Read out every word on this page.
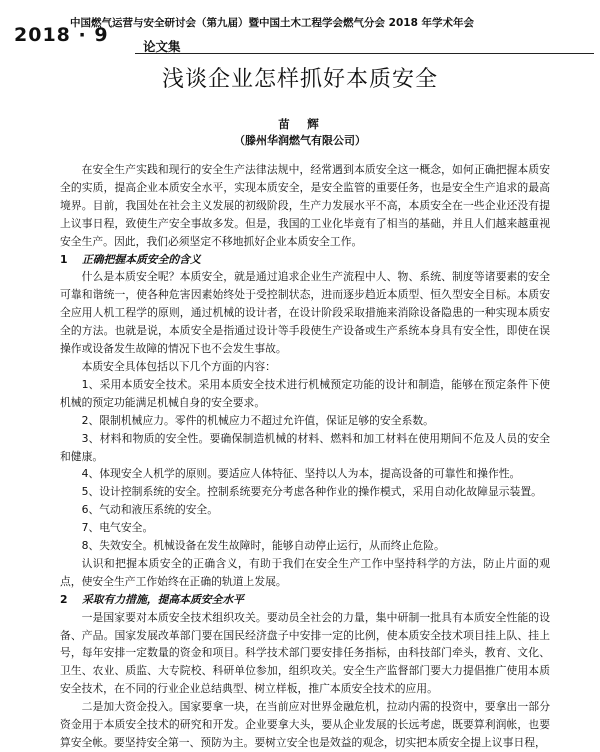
2018 · 9
中国燃气运营与安全研讨会（第九届）暨中国土木工程学会燃气分会 2018 年学术年会
论文集
浅谈企业怎样抓好本质安全
苗　辉
（滕州华润燃气有限公司）

在安全生产实践和现行的安全生产法律法规中，经常遇到本质安全这一概念，如何正确把握本质安全的实质，提高企业本质安全水平，实现本质安全，是安全监管的重要任务，也是安全生产追求的最高境界。目前，我国处在社会主义发展的初级阶段，生产力发展水平不高，本质安全在一些企业还没有提上议事日程，致使生产安全事故多发。但是，我国的工业化毕竟有了相当的基础，并且人们越来越重视安全生产。因此，我们必须坚定不移地抓好企业本质安全工作。

1 正确把握本质安全的含义

什么是本质安全呢？本质安全，就是通过追求企业生产流程中人、物、系统、制度等诸要素的安全可靠和谐统一，使各种危害因素始终处于受控制状态，进而逐步趋近本质型、恒久型安全目标。本质安全应用人机工程学的原则，通过机械的设计者，在设计阶段采取措施来消除设备隐患的一种实现本质安全的方法。也就是说，本质安全是指通过设计等手段使生产设备或生产系统本身具有安全性，即使在误操作或设备发生故障的情况下也不会发生事故。

本质安全具体包括以下几个方面的内容：

1、采用本质安全技术。采用本质安全技术进行机械预定功能的设计和制造，能够在预定条件下使机械的预定功能满足机械自身的安全要求。

2、限制机械应力。零件的机械应力不超过允许值，保证足够的安全系数。

3、材料和物质的安全性。要确保制造机械的材料、燃料和加工材料在使用期间不危及人员的安全和健康。

4、体现安全人机学的原则。要适应人体特征、坚持以人为本，提高设备的可靠性和操作性。

5、设计控制系统的安全。控制系统要充分考虑各种作业的操作模式，采用自动化故障显示装置。

6、气动和液压系统的安全。

7、电气安全。

8、失效安全。机械设备在发生故障时，能够自动停止运行，从而终止危险。

认识和把握本质安全的正确含义，有助于我们在安全生产工作中坚持科学的方法，防止片面的观点，使安全生产工作始终在正确的轨道上发展。

2 采取有力措施，提高本质安全水平

一是国家要对本质安全技术组织攻关。要动员全社会的力量，集中研制一批具有本质安全性能的设备、产品。国家发展改革部门要在国民经济盘子中安排一定的比例，使本质安全技术项目挂上队、挂上号，每年安排一定数量的资金和项目。科学技术部门要安排任务指标，由科技部门牵头，教育、文化、卫生、农业、质监、大专院校、科研单位参加，组织攻关。安全生产监督部门要大力提倡推广使用本质安全技术，在不同的行业企业总结典型、树立样板，推广本质安全技术的应用。

二是加大资金投入。国家要拿一块，在当前应对世界金融危机，拉动内需的投资中，要拿出一部分资金用于本质安全技术的研究和开发。企业要拿大头，要从企业发展的长远考虑，既要算利润帐，也要算安全帐。要坚持安全第一、预防为主。要树立安全也是效益的观念，切实把本质安全提上议事日程，
